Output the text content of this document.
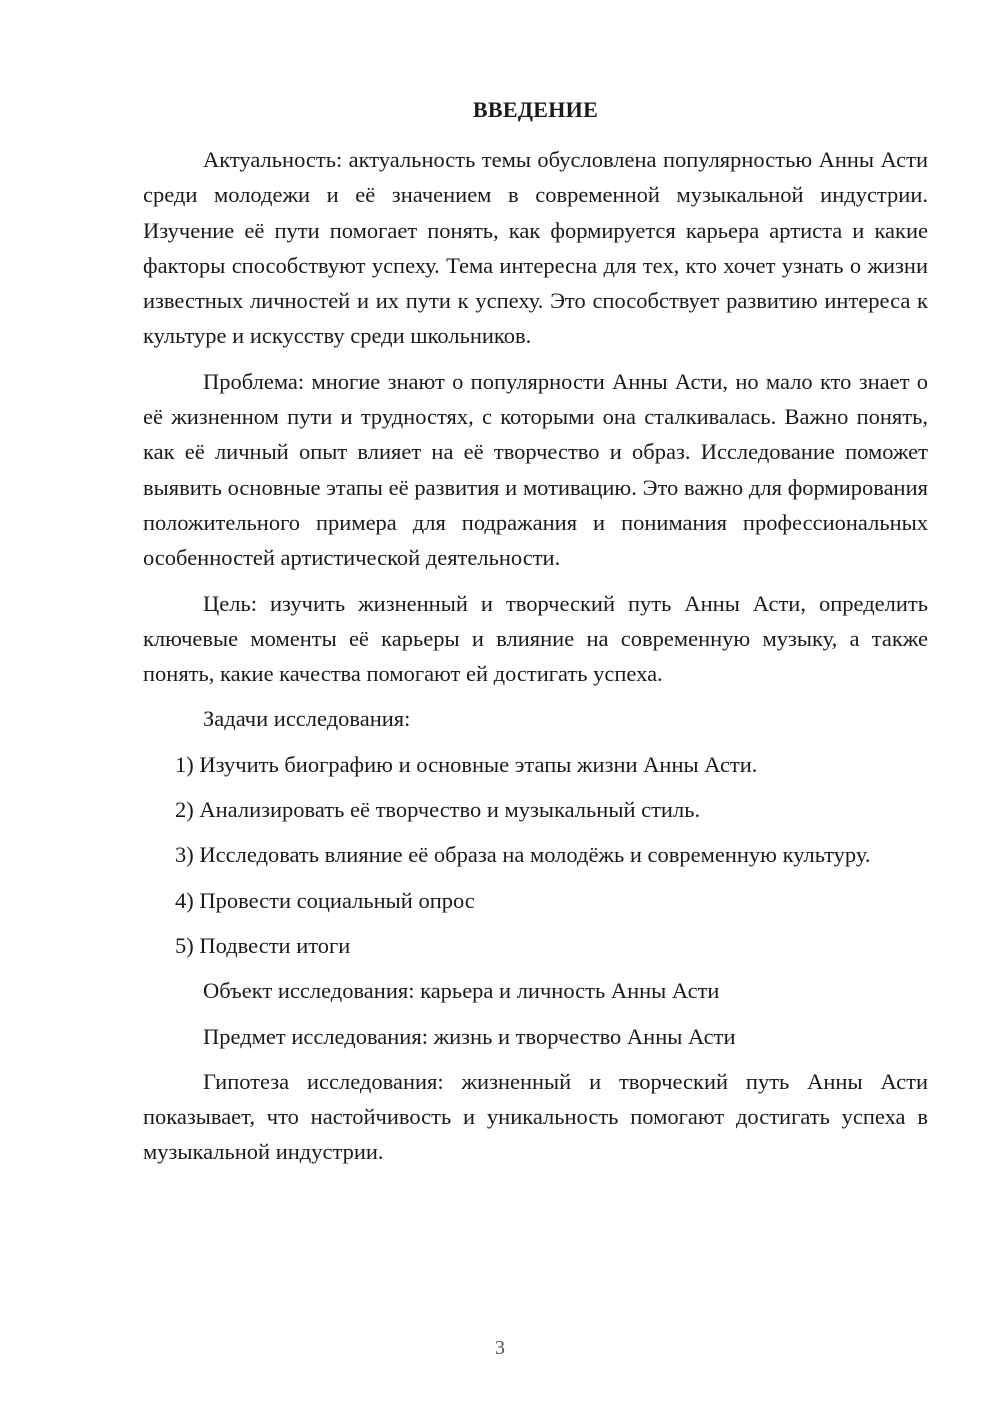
ВВЕДЕНИЕ

Актуальность: актуальность темы обусловлена популярностью Анны Асти среди молодежи и её значением в современной музыкальной индустрии. Изучение её пути помогает понять, как формируется карьера артиста и какие факторы способствуют успеху. Тема интересна для тех, кто хочет узнать о жизни известных личностей и их пути к успеху. Это способствует развитию интереса к культуре и искусству среди школьников.

Проблема: многие знают о популярности Анны Асти, но мало кто знает о её жизненном пути и трудностях, с которыми она сталкивалась. Важно понять, как её личный опыт влияет на её творчество и образ. Исследование поможет выявить основные этапы её развития и мотивацию. Это важно для формирования положительного примера для подражания и понимания профессиональных особенностей артистической деятельности.

Цель: изучить жизненный и творческий путь Анны Асти, определить ключевые моменты её карьеры и влияние на современную музыку, а также понять, какие качества помогают ей достигать успеха.

Задачи исследования:

1) Изучить биографию и основные этапы жизни Анны Асти.

2) Анализировать её творчество и музыкальный стиль.

3) Исследовать влияние её образа на молодёжь и современную культуру.

4) Провести социальный опрос

5) Подвести итоги

Объект исследования: карьера и личность Анны Асти

Предмет исследования: жизнь и творчество Анны Асти

Гипотеза исследования: жизненный и творческий путь Анны Асти показывает, что настойчивость и уникальность помогают достигать успеха в музыкальной индустрии.

3
